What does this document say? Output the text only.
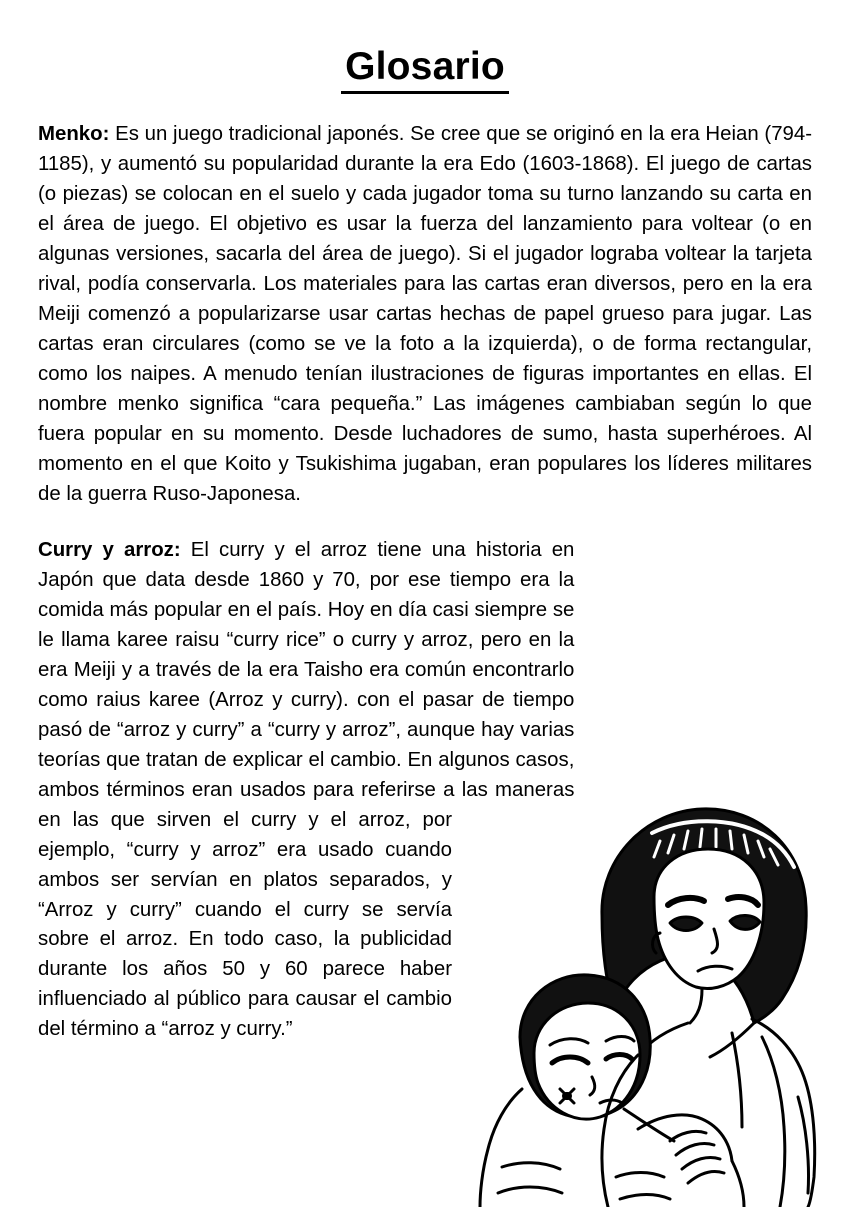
Glosario

Menko: Es un juego tradicional japonés. Se cree que se originó en la era Heian (794-1185), y aumentó su popularidad durante la era Edo (1603-1868). El juego de cartas (o piezas) se colocan en el suelo y cada jugador toma su turno lanzando su carta en el área de juego. El objetivo es usar la fuerza del lanzamiento para voltear (o en algunas versiones, sacarla del área de juego). Si el jugador lograba voltear la tarjeta rival, podía conservarla. Los materiales para las cartas eran diversos, pero en la era Meiji comenzó a popularizarse usar cartas hechas de papel grueso para jugar. Las cartas eran circulares (como se ve la foto a la izquierda), o de forma rectangular, como los naipes. A menudo tenían ilustraciones de figuras importantes en ellas. El nombre menko significa “cara pequeña.” Las imágenes cambiaban según lo que fuera popular en su momento. Desde luchadores de sumo, hasta superhéroes. Al momento en el que Koito y Tsukishima jugaban, eran populares los líderes militares de la guerra Ruso-Japonesa.

Curry y arroz: El curry y el arroz tiene una historia en Japón que data desde 1860 y 70, por ese tiempo era la comida más popular en el país. Hoy en día casi siempre se le llama karee raisu “curry rice” o curry y arroz, pero en la era Meiji y a través de la era Taisho era común encontrarlo como raius karee (Arroz y curry). con el pasar de tiempo pasó de “arroz y curry” a “curry y arroz”, aunque hay varias teorías que tratan de explicar el cambio. En algunos casos, ambos términos eran usados para referirse a las maneras en las que sirven el curry y el arroz, por ejemplo, “curry y arroz” era usado cuando ambos ser servían en platos separados, y “Arroz y curry” cuando el curry se servía sobre el arroz. En todo caso, la publicidad durante los años 50 y 60 parece haber influenciado al público para causar el cambio del término a “arroz y curry.”
